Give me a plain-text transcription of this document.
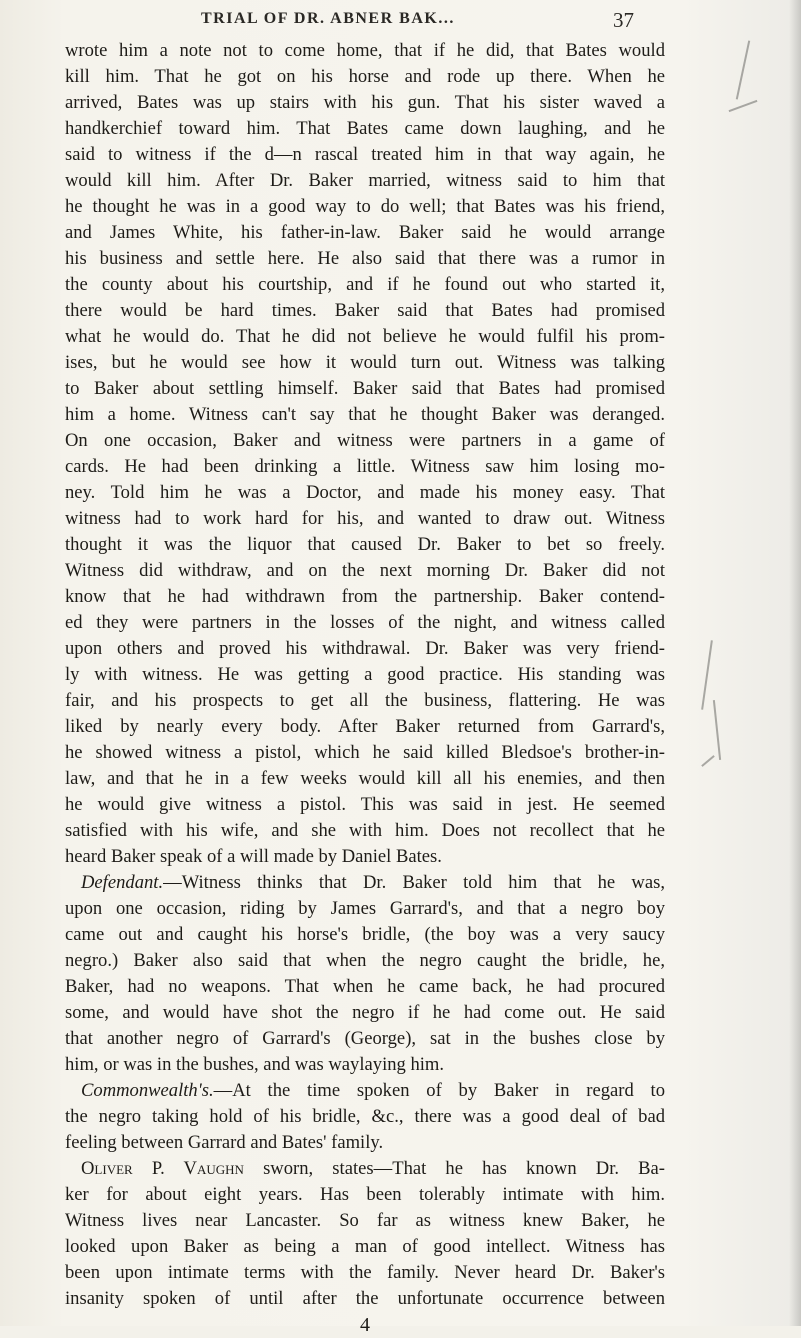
TRIAL OF DR. ABNER BAK...	37
wrote him a note not to come home, that if he did, that Bates would
kill him. That he got on his horse and rode up there. When he
arrived, Bates was up stairs with his gun. That his sister waved a
handkerchief toward him. That Bates came down laughing, and he
said to witness if the d—n rascal treated him in that way again, he
would kill him. After Dr. Baker married, witness said to him that
he thought he was in a good way to do well; that Bates was his friend,
and James White, his father-in-law. Baker said he would arrange
his business and settle here. He also said that there was a rumor in
the county about his courtship, and if he found out who started it,
there would be hard times. Baker said that Bates had promised
what he would do. That he did not believe he would fulfil his prom-
ises, but he would see how it would turn out. Witness was talking
to Baker about settling himself. Baker said that Bates had promised
him a home. Witness can't say that he thought Baker was deranged.
On one occasion, Baker and witness were partners in a game of
cards. He had been drinking a little. Witness saw him losing mo-
ney. Told him he was a Doctor, and made his money easy. That
witness had to work hard for his, and wanted to draw out. Witness
thought it was the liquor that caused Dr. Baker to bet so freely.
Witness did withdraw, and on the next morning Dr. Baker did not
know that he had withdrawn from the partnership. Baker contend-
ed they were partners in the losses of the night, and witness called
upon others and proved his withdrawal. Dr. Baker was very friend-
ly with witness. He was getting a good practice. His standing was
fair, and his prospects to get all the business, flattering. He was
liked by nearly every body. After Baker returned from Garrard's,
he showed witness a pistol, which he said killed Bledsoe's brother-in-
law, and that he in a few weeks would kill all his enemies, and then
he would give witness a pistol. This was said in jest. He seemed
satisfied with his wife, and she with him. Does not recollect that he
heard Baker speak of a will made by Daniel Bates.
Defendant.—Witness thinks that Dr. Baker told him that he was,
upon one occasion, riding by James Garrard's, and that a negro boy
came out and caught his horse's bridle, (the boy was a very saucy
negro.) Baker also said that when the negro caught the bridle, he,
Baker, had no weapons. That when he came back, he had procured
some, and would have shot the negro if he had come out. He said
that another negro of Garrard's (George), sat in the bushes close by
him, or was in the bushes, and was waylaying him.
Commonwealth's.—At the time spoken of by Baker in regard to
the negro taking hold of his bridle, &c., there was a good deal of bad
feeling between Garrard and Bates' family.
Oliver P. Vaughn sworn, states—That he has known Dr. Ba-
ker for about eight years. Has been tolerably intimate with him.
Witness lives near Lancaster. So far as witness knew Baker, he
looked upon Baker as being a man of good intellect. Witness has
been upon intimate terms with the family. Never heard Dr. Baker's
insanity spoken of until after the unfortunate occurrence between
4
